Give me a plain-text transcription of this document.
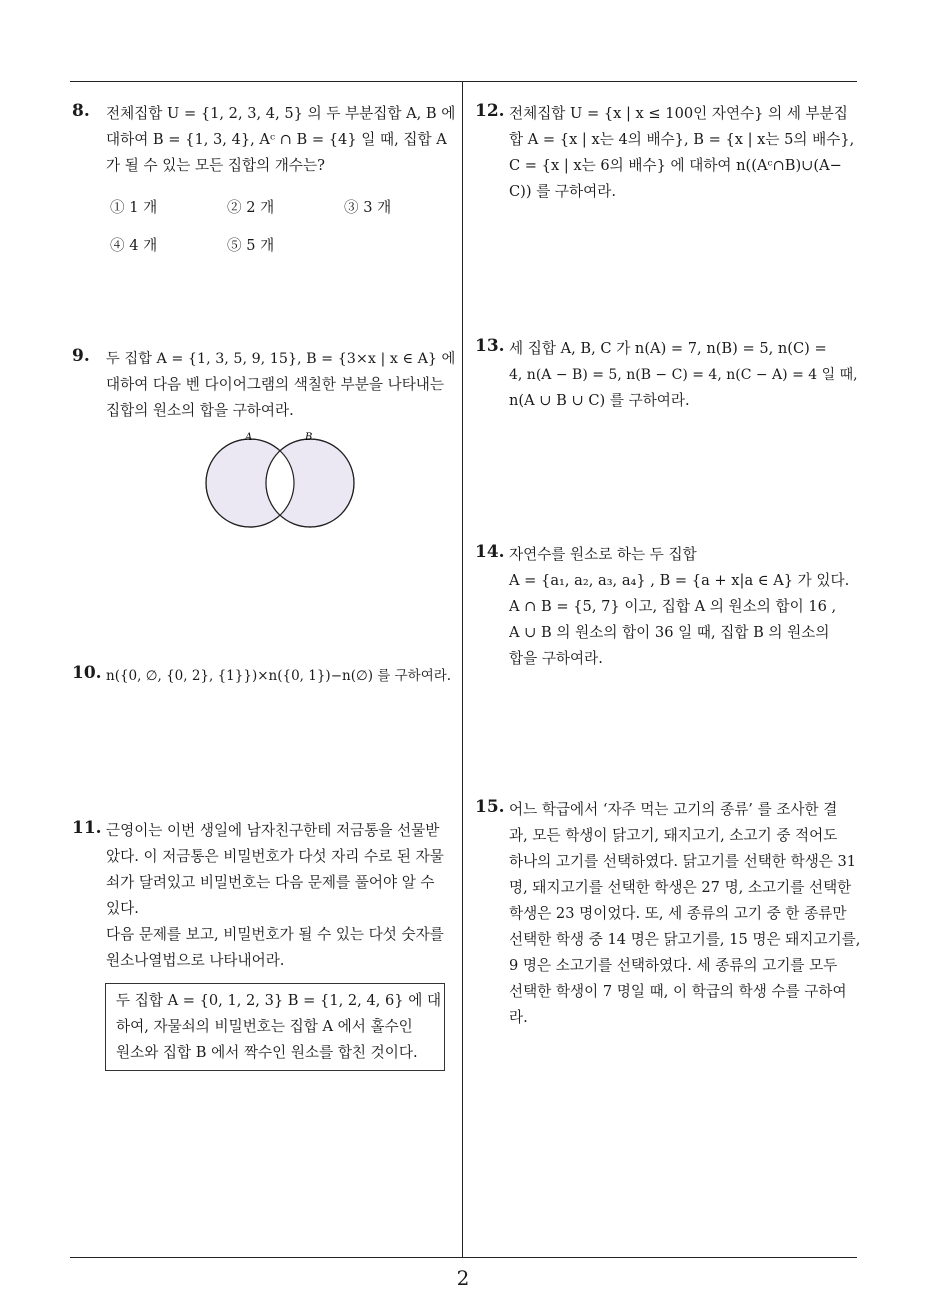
8. 전체집합 U = {1, 2, 3, 4, 5} 의 두 부분집합 A, B 에
대하여 B = {1, 3, 4}, Aᶜ ∩ B = {4} 일 때, 집합 A
가 될 수 있는 모든 집합의 개수는?
① 1 개	② 2 개	③ 3 개
④ 4 개	⑤ 5 개
9. 두 집합 A = {1, 3, 5, 9, 15}, B = {3×x | x ∈ A} 에
대하여 다음 벤 다이어그램의 색칠한 부분을 나타내는
집합의 원소의 합을 구하여라.
A	B
10. n({0, ∅, {0, 2}, {1}})×n({0, 1})−n(∅) 를 구하여라.
11. 근영이는 이번 생일에 남자친구한테 저금통을 선물받
았다. 이 저금통은 비밀번호가 다섯 자리 수로 된 자물
쇠가 달려있고 비밀번호는 다음 문제를 풀어야 알 수
있다.
다음 문제를 보고, 비밀번호가 될 수 있는 다섯 숫자를
원소나열법으로 나타내어라.
두 집합 A = {0, 1, 2, 3} B = {1, 2, 4, 6} 에 대
하여, 자물쇠의 비밀번호는 집합 A 에서 홀수인
원소와 집합 B 에서 짝수인 원소를 합친 것이다.
12. 전체집합 U = {x | x ≤ 100인 자연수} 의 세 부분집
합 A = {x | x는 4의 배수}, B = {x | x는 5의 배수},
C = {x | x는 6의 배수} 에 대하여 n((Aᶜ∩B)∪(A−
C)) 를 구하여라.
13. 세 집합 A, B, C 가 n(A) = 7, n(B) = 5, n(C) =
4, n(A − B) = 5, n(B − C) = 4, n(C − A) = 4 일 때,
n(A ∪ B ∪ C) 를 구하여라.
14. 자연수를 원소로 하는 두 집합
A = {a₁, a₂, a₃, a₄} , B = {a + x|a ∈ A} 가 있다.
A ∩ B = {5, 7} 이고, 집합 A 의 원소의 합이 16 ,
A ∪ B 의 원소의 합이 36 일 때, 집합 B 의 원소의
합을 구하여라.
15. 어느 학급에서 ‘자주 먹는 고기의 종류’ 를 조사한 결
과, 모든 학생이 닭고기, 돼지고기, 소고기 중 적어도
하나의 고기를 선택하였다. 닭고기를 선택한 학생은 31
명, 돼지고기를 선택한 학생은 27 명, 소고기를 선택한
학생은 23 명이었다. 또, 세 종류의 고기 중 한 종류만
선택한 학생 중 14 명은 닭고기를, 15 명은 돼지고기를,
9 명은 소고기를 선택하였다. 세 종류의 고기를 모두
선택한 학생이 7 명일 때, 이 학급의 학생 수를 구하여
라.
2
